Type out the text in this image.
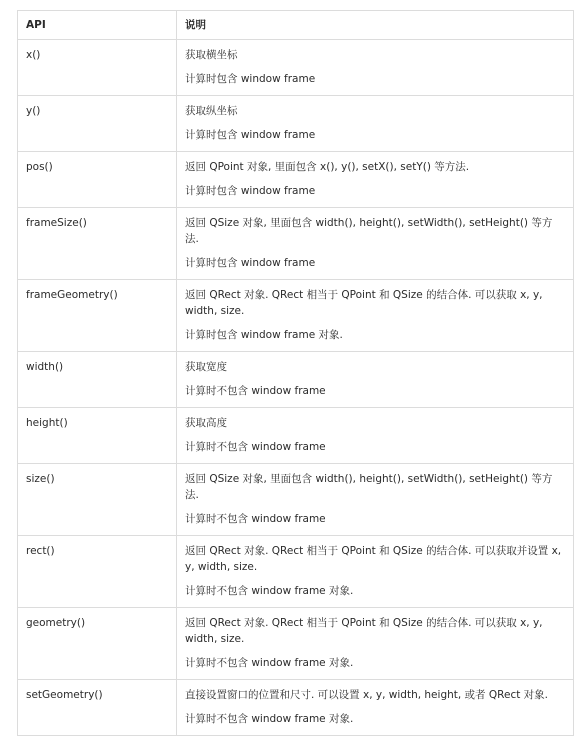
API	说明
x()	获取横坐标

计算时包含 window frame

y()	获取纵坐标

计算时包含 window frame

pos()	返回 QPoint 对象, 里面包含 x(), y(), setX(), setY() 等方法.

计算时包含 window frame

frameSize()	返回 QSize 对象, 里面包含 width(), height(), setWidth(), setHeight() 等方法.

计算时包含 window frame

frameGeometry()	返回 QRect 对象. QRect 相当于 QPoint 和 QSize 的结合体. 可以获取 x, y, width, size.

计算时包含 window frame 对象.

width()	获取宽度

计算时不包含 window frame

height()	获取高度

计算时不包含 window frame

size()	返回 QSize 对象, 里面包含 width(), height(), setWidth(), setHeight() 等方法.

计算时不包含 window frame

rect()	返回 QRect 对象. QRect 相当于 QPoint 和 QSize 的结合体. 可以获取并设置 x, y, width, size.

计算时不包含 window frame 对象.

geometry()	返回 QRect 对象. QRect 相当于 QPoint 和 QSize 的结合体. 可以获取 x, y, width, size.

计算时不包含 window frame 对象.

setGeometry()	直接设置窗口的位置和尺寸. 可以设置 x, y, width, height, 或者 QRect 对象.

计算时不包含 window frame 对象.
